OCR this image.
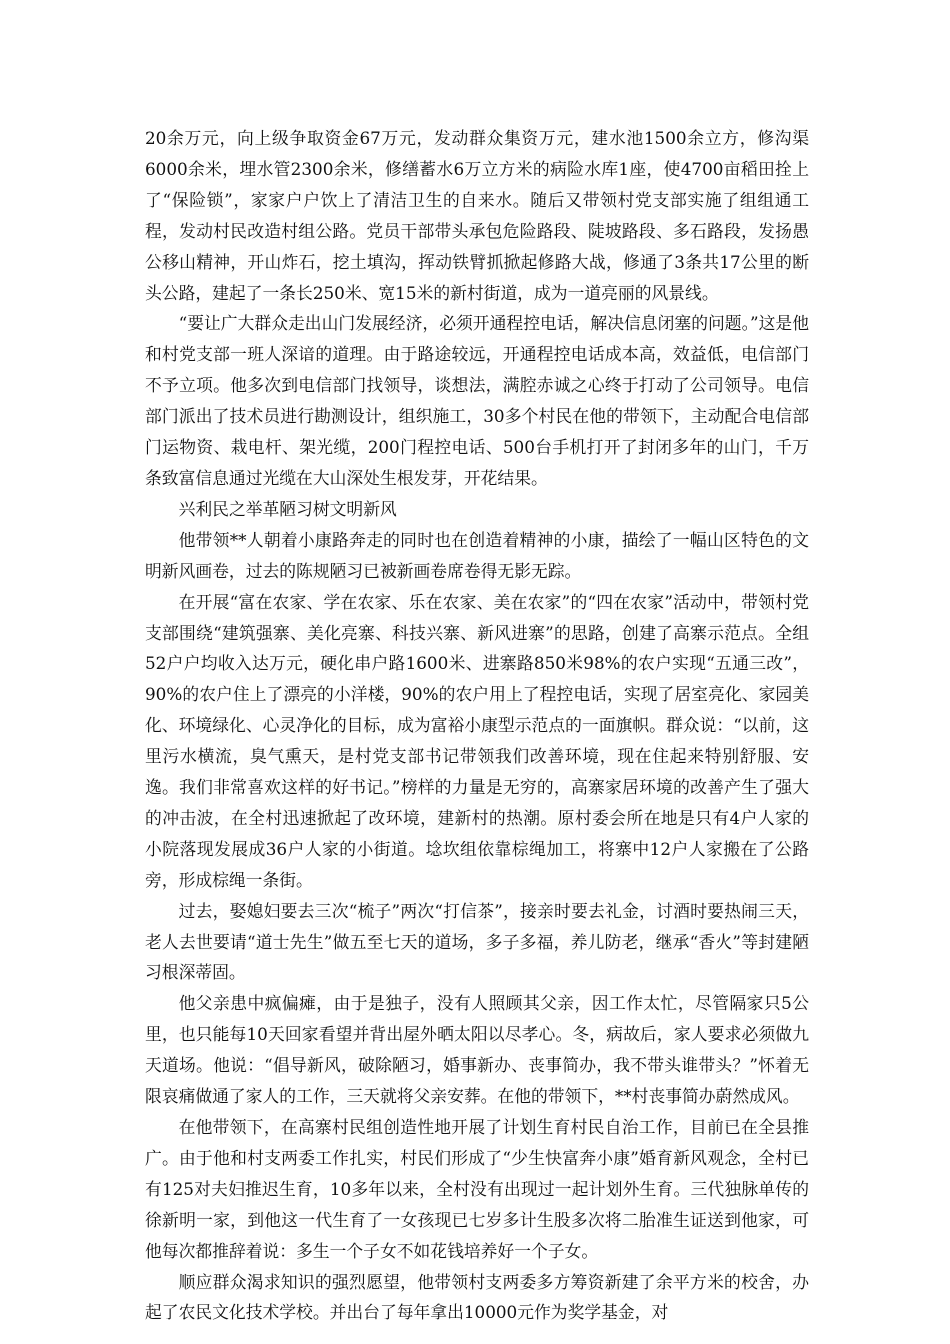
20余万元，向上级争取资金67万元，发动群众集资万元，建水池1500余立方，修沟渠6000余米，埋水管2300余米，修缮蓄水6万立方米的病险水库1座，使4700亩稻田拴上了“保险锁”，家家户户饮上了清洁卫生的自来水。随后又带领村党支部实施了组组通工程，发动村民改造村组公路。党员干部带头承包危险路段、陡坡路段、多石路段，发扬愚公移山精神，开山炸石，挖土填沟，挥动铁臂抓掀起修路大战，修通了3条共17公里的断头公路，建起了一条长250米、宽15米的新村街道，成为一道亮丽的风景线。

“要让广大群众走出山门发展经济，必须开通程控电话，解决信息闭塞的问题。”这是他和村党支部一班人深谙的道理。由于路途较远，开通程控电话成本高，效益低，电信部门不予立项。他多次到电信部门找领导，谈想法，满腔赤诚之心终于打动了公司领导。电信部门派出了技术员进行勘测设计，组织施工，30多个村民在他的带领下，主动配合电信部门运物资、栽电杆、架光缆，200门程控电话、500台手机打开了封闭多年的山门，千万条致富信息通过光缆在大山深处生根发芽，开花结果。

兴利民之举革陋习树文明新风

他带领**人朝着小康路奔走的同时也在创造着精神的小康，描绘了一幅山区特色的文明新风画卷，过去的陈规陋习已被新画卷席卷得无影无踪。

在开展“富在农家、学在农家、乐在农家、美在农家”的“四在农家”活动中，带领村党支部围绕“建筑强寨、美化亮寨、科技兴寨、新风进寨”的思路，创建了高寨示范点。全组52户户均收入达万元，硬化串户路1600米、进寨路850米98%的农户实现“五通三改”，90%的农户住上了漂亮的小洋楼，90%的农户用上了程控电话，实现了居室亮化、家园美化、环境绿化、心灵净化的目标，成为富裕小康型示范点的一面旗帜。群众说：“以前，这里污水横流，臭气熏天，是村党支部书记带领我们改善环境，现在住起来特别舒服、安逸。我们非常喜欢这样的好书记。”榜样的力量是无穷的，高寨家居环境的改善产生了强大的冲击波，在全村迅速掀起了改环境，建新村的热潮。原村委会所在地是只有4户人家的小院落现发展成36户人家的小街道。埝坎组依靠棕绳加工，将寨中12户人家搬在了公路旁，形成棕绳一条街。

过去，娶媳妇要去三次“梳子”两次“打信茶”，接亲时要去礼金，讨酒时要热闹三天，老人去世要请“道士先生”做五至七天的道场，多子多福，养儿防老，继承“香火”等封建陋习根深蒂固。

他父亲患中疯偏瘫，由于是独子，没有人照顾其父亲，因工作太忙，尽管隔家只5公里，也只能每10天回家看望并背出屋外晒太阳以尽孝心。冬，病故后，家人要求必须做九天道场。他说：“倡导新风，破除陋习，婚事新办、丧事简办，我不带头谁带头？”怀着无限哀痛做通了家人的工作，三天就将父亲安葬。在他的带领下，**村丧事简办蔚然成风。

在他带领下，在高寨村民组创造性地开展了计划生育村民自治工作，目前已在全县推广。由于他和村支两委工作扎实，村民们形成了“少生快富奔小康”婚育新风观念，全村已有125对夫妇推迟生育，10多年以来，全村没有出现过一起计划外生育。三代独脉单传的徐新明一家，到他这一代生育了一女孩现已七岁多计生股多次将二胎准生证送到他家，可他每次都推辞着说：多生一个子女不如花钱培养好一个子女。

顺应群众渴求知识的强烈愿望，他带领村支两委多方筹资新建了余平方米的校舍，办起了农民文化技术学校。并出台了每年拿出10000元作为奖学基金，对
